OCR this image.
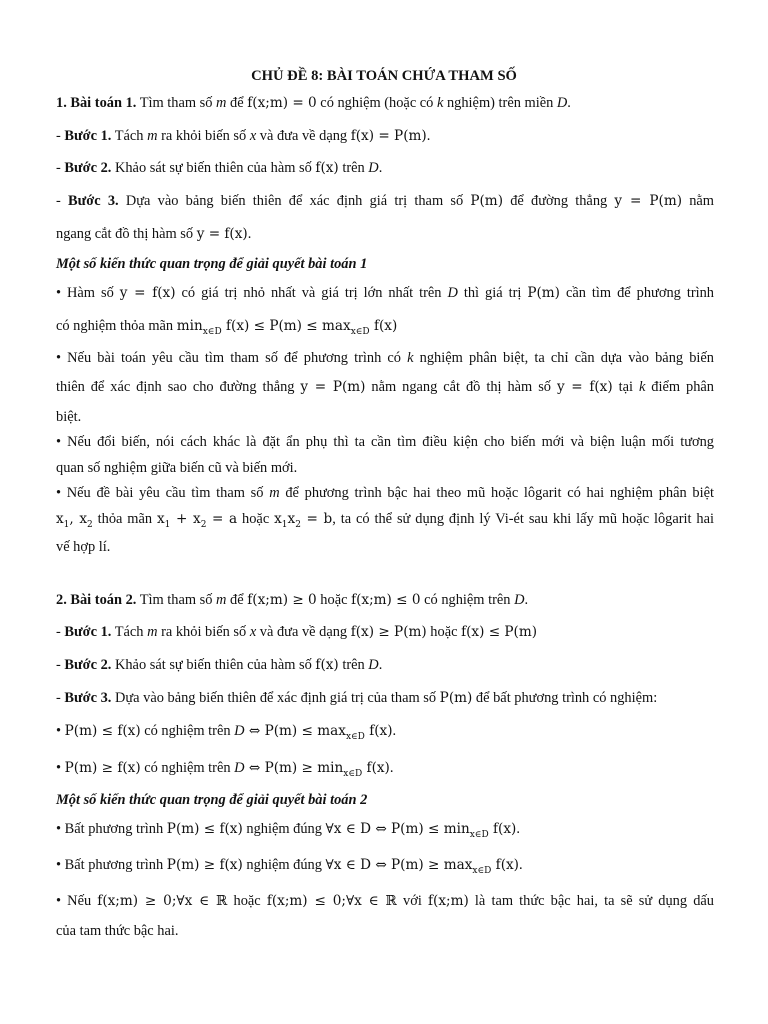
CHỦ ĐỀ 8: BÀI TOÁN CHỨA THAM SỐ
1. Bài toán 1. Tìm tham số m để f(x;m) = 0 có nghiệm (hoặc có k nghiệm) trên miền D.
- Bước 1. Tách m ra khỏi biến số x và đưa về dạng f(x) = P(m).
- Bước 2. Khảo sát sự biến thiên của hàm số f(x) trên D.
- Bước 3. Dựa vào bảng biến thiên để xác định giá trị tham số P(m) để đường thẳng y = P(m) nằm
ngang cắt đồ thị hàm số y = f(x).
Một số kiến thức quan trọng để giải quyết bài toán 1
• Hàm số y = f(x) có giá trị nhỏ nhất và giá trị lớn nhất trên D thì giá trị P(m) cần tìm để phương trình
có nghiệm thỏa mãn $\min_{x\in D} f(x) \le P(m) \le \max_{x\in D} f(x)$
• Nếu bài toán yêu cầu tìm tham số để phương trình có k nghiệm phân biệt, ta chỉ cần dựa vào bảng biến
thiên để xác định sao cho đường thẳng y = P(m) nằm ngang cắt đồ thị hàm số y = f(x) tại k điểm phân
biệt.
• Nếu đổi biến, nói cách khác là đặt ẩn phụ thì ta cần tìm điều kiện cho biến mới và biện luận mối tương
quan số nghiệm giữa biến cũ và biến mới.
• Nếu đề bài yêu cầu tìm tham số m để phương trình bậc hai theo mũ hoặc lôgarit có hai nghiệm phân biệt
$x_1$, $x_2$ thỏa mãn $x_1 + x_2 = a$ hoặc $x_1x_2 = b$, ta có thể sử dụng định lý Vi-ét sau khi lấy mũ hoặc lôgarit hai
vế hợp lí.
2. Bài toán 2. Tìm tham số m để f(x;m) ≥ 0 hoặc f(x;m) ≤ 0 có nghiệm trên D.
- Bước 1. Tách m ra khỏi biến số x và đưa về dạng f(x) ≥ P(m) hoặc f(x) ≤ P(m)
- Bước 2. Khảo sát sự biến thiên của hàm số f(x) trên D.
- Bước 3. Dựa vào bảng biến thiên để xác định giá trị của tham số P(m) để bất phương trình có nghiệm:
• P(m) ≤ f(x) có nghiệm trên D ⇔ $P(m) \le \max_{x\in D} f(x)$.
• P(m) ≥ f(x) có nghiệm trên D ⇔ $P(m) \ge \min_{x\in D} f(x)$.
Một số kiến thức quan trọng để giải quyết bài toán 2
• Bất phương trình P(m) ≤ f(x) nghiệm đúng ∀x ∈ D ⇔ $P(m) \le \min_{x\in D} f(x)$.
• Bất phương trình P(m) ≥ f(x) nghiệm đúng ∀x ∈ D ⇔ $P(m) \ge \max_{x\in D} f(x)$.
• Nếu f(x;m) ≥ 0;∀x ∈ ℝ hoặc f(x;m) ≤ 0;∀x ∈ ℝ với f(x;m) là tam thức bậc hai, ta sẽ sử dụng dấu
của tam thức bậc hai.
